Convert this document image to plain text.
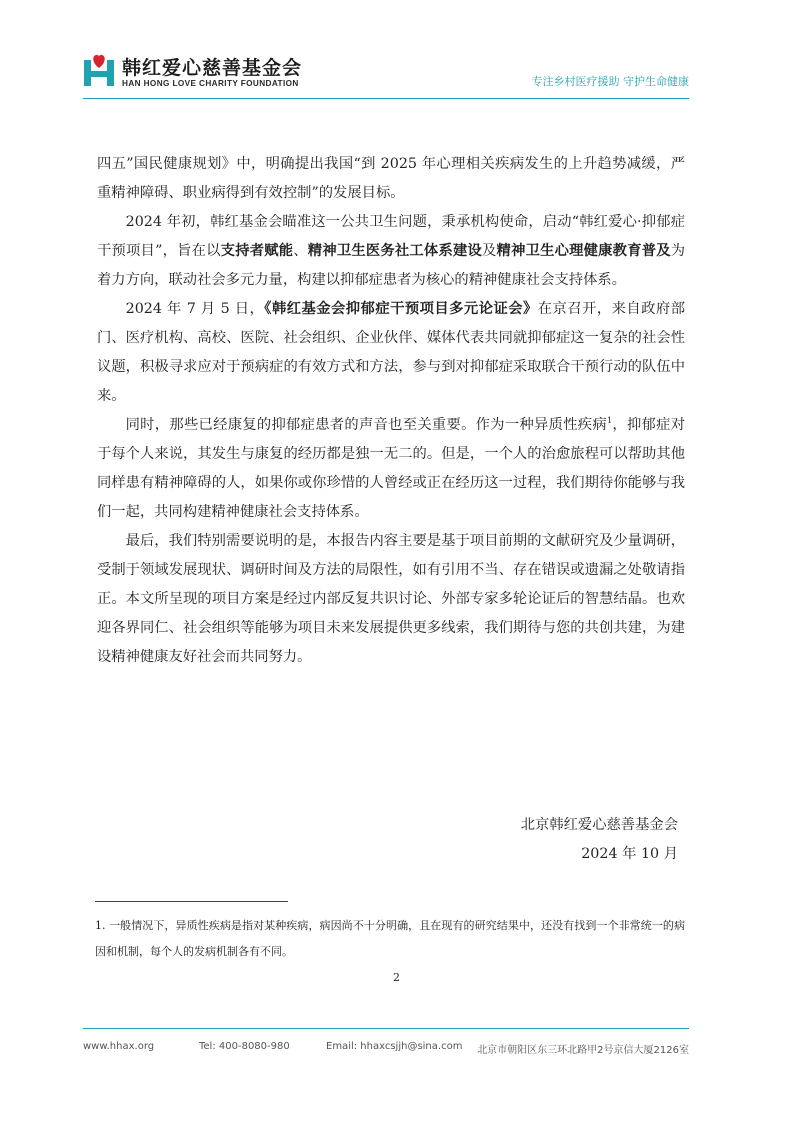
韩红爱心慈善基金会
HAN HONG LOVE CHARITY FOUNDATION	专注乡村医疗援助 守护生命健康

四五”国民健康规划》中，明确提出我国“到 2025 年心理相关疾病发生的上升趋势减缓，严重精神障碍、职业病得到有效控制”的发展目标。

2024 年初，韩红基金会瞄准这一公共卫生问题，秉承机构使命，启动“韩红爱心·抑郁症干预项目”，旨在以支持者赋能、精神卫生医务社工体系建设及精神卫生心理健康教育普及为着力方向，联动社会多元力量，构建以抑郁症患者为核心的精神健康社会支持体系。

2024 年 7 月 5 日，《韩红基金会抑郁症干预项目多元论证会》在京召开，来自政府部门、医疗机构、高校、医院、社会组织、企业伙伴、媒体代表共同就抑郁症这一复杂的社会性议题，积极寻求应对于预病症的有效方式和方法，参与到对抑郁症采取联合干预行动的队伍中来。

同时，那些已经康复的抑郁症患者的声音也至关重要。作为一种异质性疾病$^1$，抑郁症对于每个人来说，其发生与康复的经历都是独一无二的。但是，一个人的治愈旅程可以帮助其他同样患有精神障碍的人，如果你或你珍惜的人曾经或正在经历这一过程，我们期待你能够与我们一起，共同构建精神健康社会支持体系。

最后，我们特别需要说明的是，本报告内容主要是基于项目前期的文献研究及少量调研，受制于领域发展现状、调研时间及方法的局限性，如有引用不当、存在错误或遗漏之处敬请指正。本文所呈现的项目方案是经过内部反复共识讨论、外部专家多轮论证后的智慧结晶。也欢迎各界同仁、社会组织等能够为项目未来发展提供更多线索，我们期待与您的共创共建，为建设精神健康友好社会而共同努力。

北京韩红爱心慈善基金会
2024 年 10 月

1. 一般情况下，异质性疾病是指对某种疾病，病因尚不十分明确，且在现有的研究结果中，还没有找到一个非常统一的病因和机制，每个人的发病机制各有不同。

2
www.hhax.org	Tel: 400-8080-980	Email: hhaxcsjjh@sina.com 北京市朝阳区东三环北路甲2号京信大厦2126室
